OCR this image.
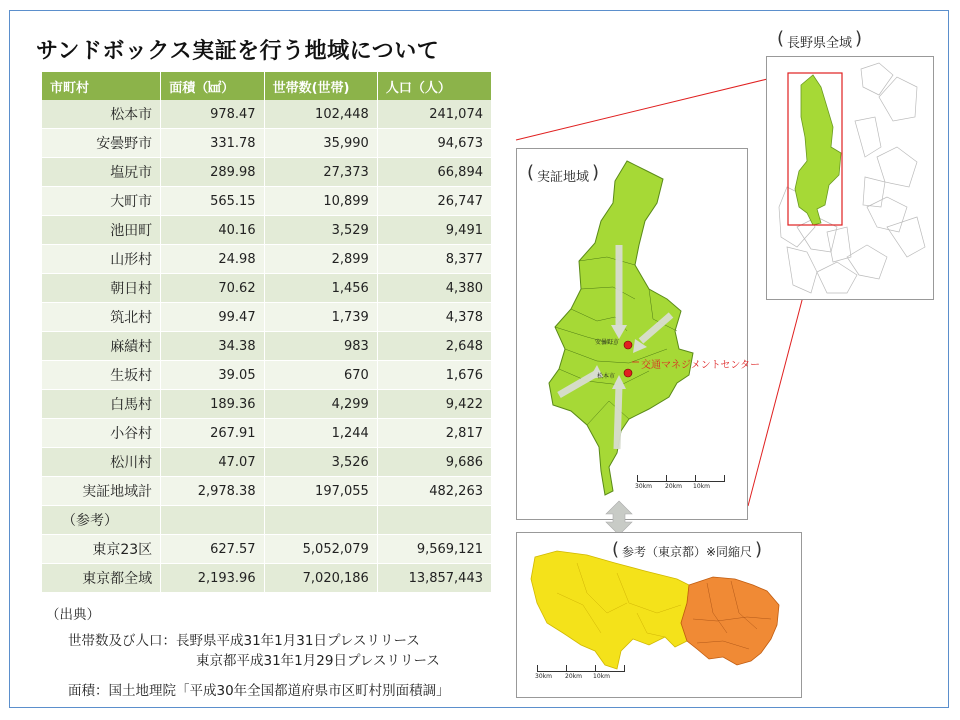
サンドボックス実証を行う地域について
市町村	面積（㎢）	世帯数(世帯)	人口（人）
松本市	978.47	102,448	241,074
安曇野市	331.78	35,990	94,673
塩尻市	289.98	27,373	66,894
大町市	565.15	10,899	26,747
池田町	40.16	3,529	9,491
山形村	24.98	2,899	8,377
朝日村	70.62	1,456	4,380
筑北村	99.47	1,739	4,378
麻績村	34.38	983	2,648
生坂村	39.05	670	1,676
白馬村	189.36	4,299	9,422
小谷村	267.91	1,244	2,817
松川村	47.07	3,526	9,686
実証地域計	2,978.38	197,055	482,263
（参考）			
東京23区	627.57	5,052,079	9,569,121
東京都全域	2,193.96	7,020,186	13,857,443
（出典）
世帯数及び人口：長野県平成31年1月31日プレスリリース
東京都平成31年1月29日プレスリリース
面積：国土地理院「平成30年全国都道府県市区町村別面積調」
( 長野県全域 )
安曇野市
松本市
交通マネジメントセンター
30km 20km 10km
( 実証地域 )
30km 20km 10km
( 参考（東京都）※同縮尺 )
